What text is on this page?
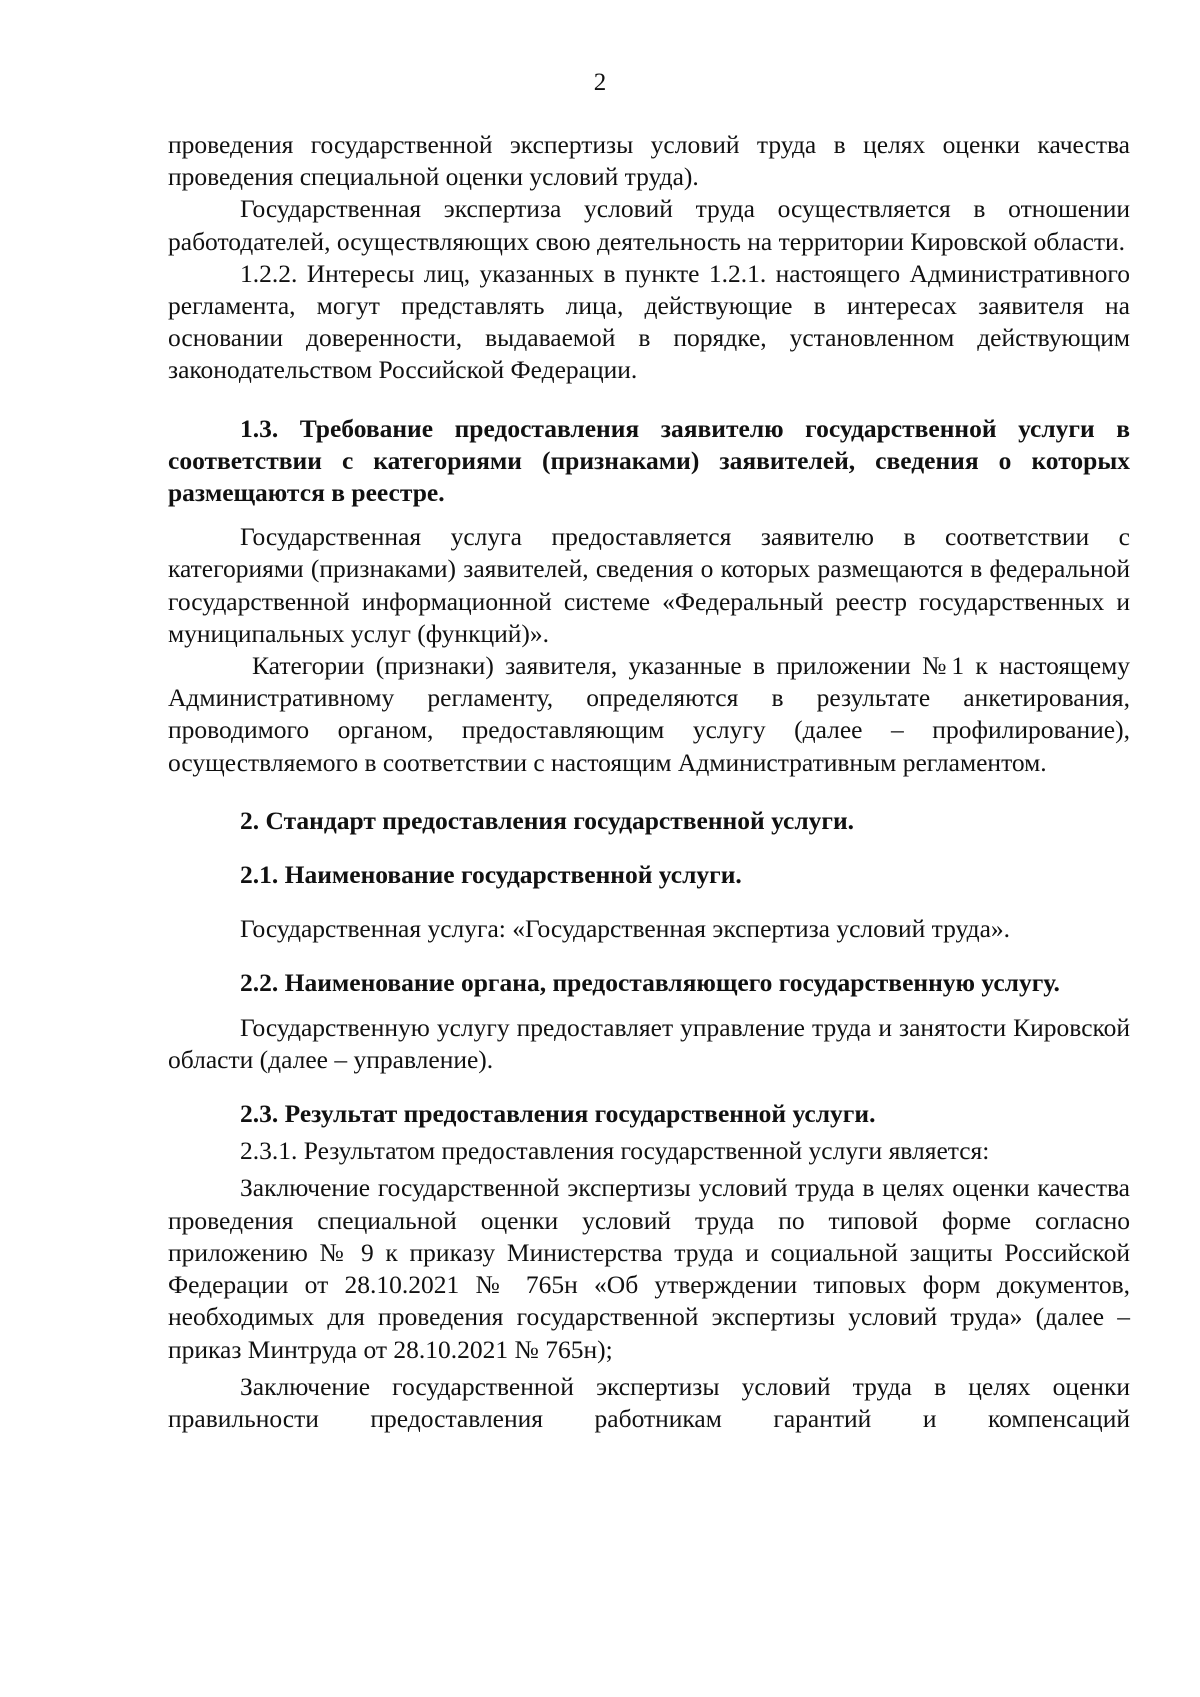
2

проведения государственной экспертизы условий труда в целях оценки качества проведения специальной оценки условий труда).

Государственная экспертиза условий труда осуществляется в отношении работодателей, осуществляющих свою деятельность на территории Кировской области.

1.2.2. Интересы лиц, указанных в пункте 1.2.1. настоящего Административного регламента, могут представлять лица, действующие в интересах заявителя на основании доверенности, выдаваемой в порядке, установленном действующим законодательством Российской Федерации.

1.3. Требование предоставления заявителю государственной услуги в соответствии с категориями (признаками) заявителей, сведения о которых размещаются в реестре.

Государственная услуга предоставляется заявителю в соответствии с категориями (признаками) заявителей, сведения о которых размещаются в федеральной государственной информационной системе «Федеральный реестр государственных и муниципальных услуг (функций)».

Категории (признаки) заявителя, указанные в приложении №1 к настоящему Административному регламенту, определяются в результате анкетирования, проводимого органом, предоставляющим услугу (далее – профилирование), осуществляемого в соответствии с настоящим Административным регламентом.

2. Стандарт предоставления государственной услуги.

2.1. Наименование государственной услуги.

Государственная услуга: «Государственная экспертиза условий труда».

2.2. Наименование органа, предоставляющего государственную услугу.

Государственную услугу предоставляет управление труда и занятости Кировской области (далее – управление).

2.3. Результат предоставления государственной услуги.

2.3.1. Результатом предоставления государственной услуги является:

Заключение государственной экспертизы условий труда в целях оценки качества проведения специальной оценки условий труда по типовой форме согласно приложению № 9 к приказу Министерства труда и социальной защиты Российской Федерации от 28.10.2021 № 765н «Об утверждении типовых форм документов, необходимых для проведения государственной экспертизы условий труда» (далее – приказ Минтруда от 28.10.2021 № 765н);

Заключение государственной экспертизы условий труда в целях оценки правильности предоставления работникам гарантий и компенсаций
